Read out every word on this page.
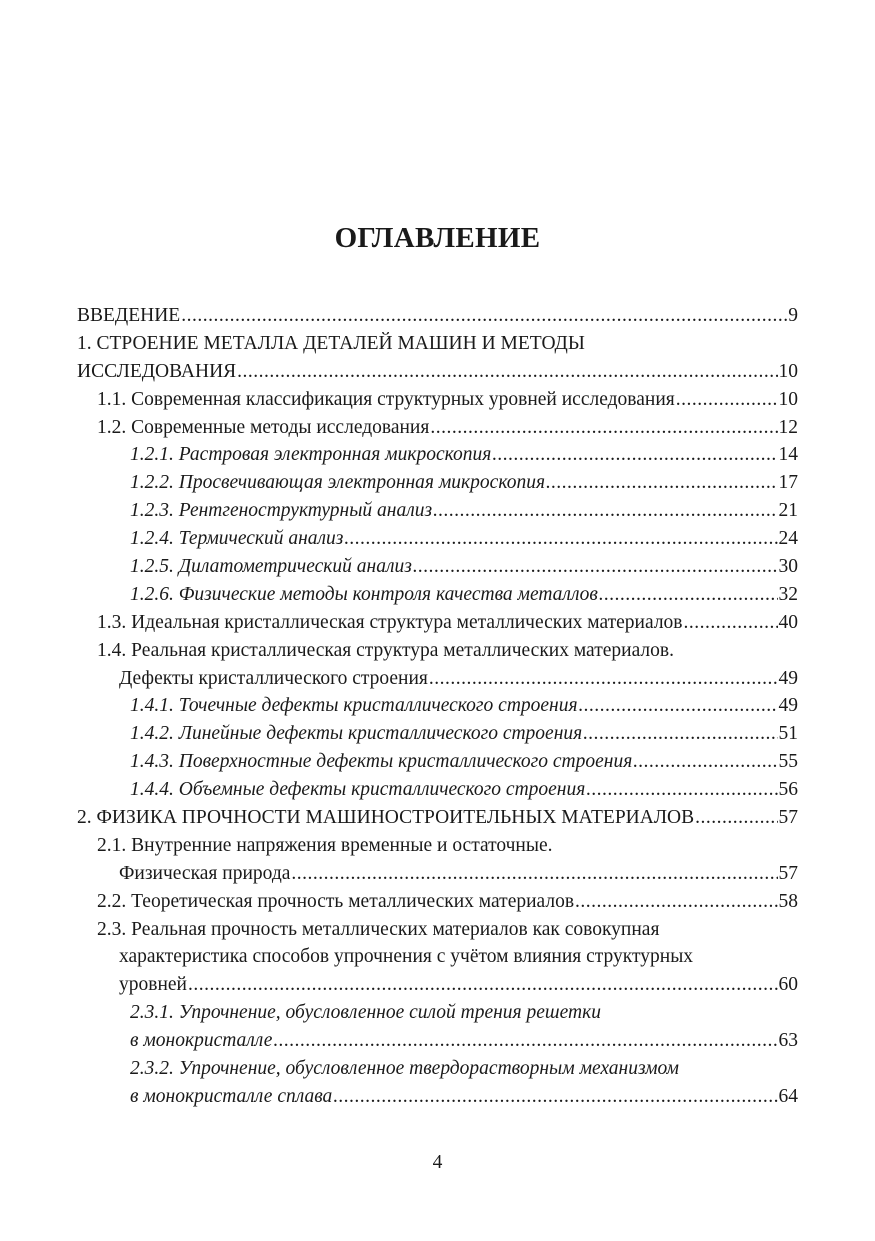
ОГЛАВЛЕНИЕ
ВВЕДЕНИЕ .....	9
1. СТРОЕНИЕ МЕТАЛЛА ДЕТАЛЕЙ МАШИН И МЕТОДЫ
ИССЛЕДОВАНИЯ .....	10
1.1. Современная классификация структурных уровней исследования .....	10
1.2. Современные методы исследования .....	12
1.2.1. Растровая электронная микроскопия .....	14
1.2.2. Просвечивающая электронная микроскопия .....	17
1.2.3. Рентгеноструктурный анализ .....	21
1.2.4. Термический анализ .....	24
1.2.5. Дилатометрический анализ .....	30
1.2.6. Физические методы контроля качества металлов .....	32
1.3. Идеальная кристаллическая структура металлических материалов .....	40
1.4. Реальная кристаллическая структура металлических материалов.
Дефекты кристаллического строения .....	49
1.4.1. Точечные дефекты кристаллического строения .....	49
1.4.2. Линейные дефекты кристаллического строения .....	51
1.4.3. Поверхностные дефекты кристаллического строения .....	55
1.4.4. Объемные дефекты кристаллического строения .....	56
2. ФИЗИКА ПРОЧНОСТИ МАШИНОСТРОИТЕЛЬНЫХ МАТЕРИАЛОВ .....	57
2.1. Внутренние напряжения временные и остаточные.
Физическая природа .....	57
2.2. Теоретическая прочность металлических материалов .....	58
2.3. Реальная прочность металлических материалов как совокупная
характеристика способов упрочнения с учётом влияния структурных
уровней .....	60
2.3.1. Упрочнение, обусловленное силой трения решетки
в монокристалле .....	63
2.3.2. Упрочнение, обусловленное твердорастворным механизмом
в монокристалле сплава .....	64
4
